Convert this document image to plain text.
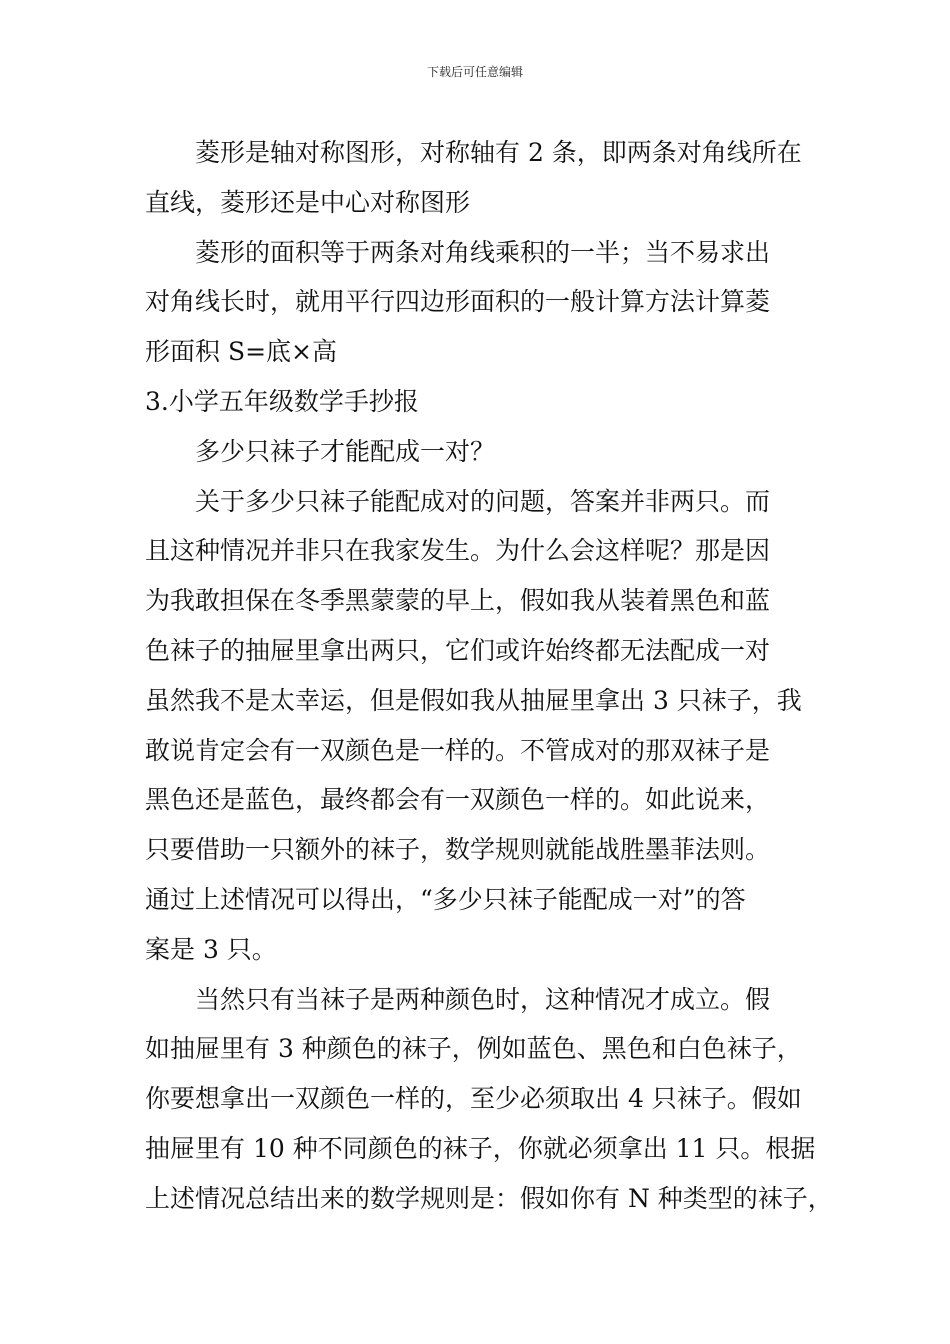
下载后可任意编辑
菱形是轴对称图形，对称轴有 2 条，即两条对角线所在
直线，菱形还是中心对称图形
菱形的面积等于两条对角线乘积的一半；当不易求出
对角线长时，就用平行四边形面积的一般计算方法计算菱
形面积 S=底×高
3.小学五年级数学手抄报
多少只袜子才能配成一对？
关于多少只袜子能配成对的问题，答案并非两只。而
且这种情况并非只在我家发生。为什么会这样呢？那是因
为我敢担保在冬季黑蒙蒙的早上，假如我从装着黑色和蓝
色袜子的抽屉里拿出两只，它们或许始终都无法配成一对
虽然我不是太幸运，但是假如我从抽屉里拿出 3 只袜子，我
敢说肯定会有一双颜色是一样的。不管成对的那双袜子是
黑色还是蓝色，最终都会有一双颜色一样的。如此说来，
只要借助一只额外的袜子，数学规则就能战胜墨菲法则。
通过上述情况可以得出，“多少只袜子能配成一对”的答
案是 3 只。
当然只有当袜子是两种颜色时，这种情况才成立。假
如抽屉里有 3 种颜色的袜子，例如蓝色、黑色和白色袜子，
你要想拿出一双颜色一样的，至少必须取出 4 只袜子。假如
抽屉里有 10 种不同颜色的袜子，你就必须拿出 11 只。根据
上述情况总结出来的数学规则是：假如你有 N 种类型的袜子，
